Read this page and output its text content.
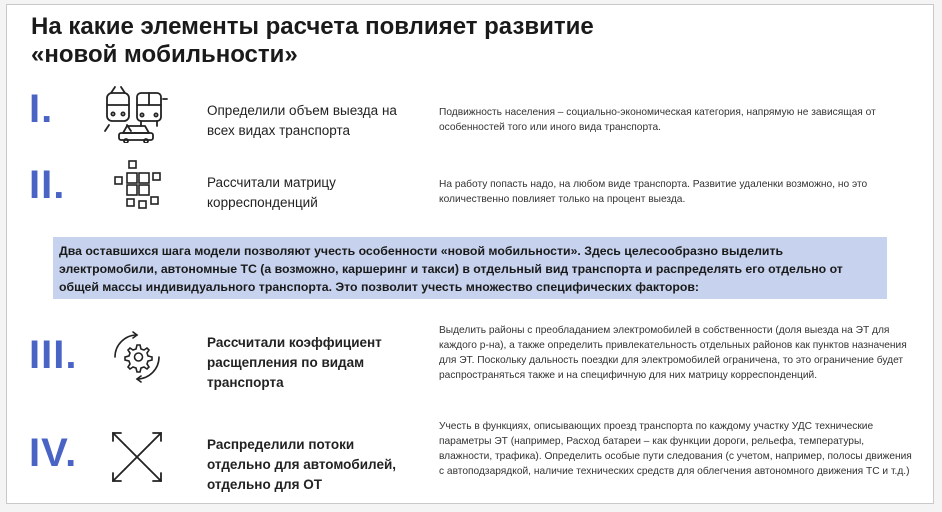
На какие элементы расчета повлияет развитие
«новой мобильности»
I.	Определили объем выезда на всех видах транспорта
Подвижность населения – социально-экономическая категория, напрямую не зависящая от особенностей того или иного вида транспорта.
II.	Рассчитали матрицу корреспонденций
На работу попасть надо, на любом виде транспорта. Развитие удаленки возможно, но это количественно повлияет только на процент выезда.
Два оставшихся шага модели позволяют учесть особенности «новой мобильности». Здесь целесообразно выделить электромобили, автономные ТС (а возможно, каршеринг и такси) в отдельный вид транспорта и распределять его отдельно от общей массы индивидуального транспорта. Это позволит учесть множество специфических факторов:
III.	Рассчитали коэффициент расщепления по видам транспорта
Выделить районы с преобладанием электромобилей в собственности (доля выезда на ЭТ для каждого р-на), а также определить привлекательность отдельных районов как пунктов назначения для ЭТ. Поскольку дальность поездки для электромобилей ограничена, то это ограничение будет распространяться также и на специфичную для них матрицу корреспонденций.
IV.	Распределили потоки отдельно для автомобилей, отдельно для ОТ
Учесть в функциях, описывающих проезд транспорта по каждому участку УДС технические параметры ЭТ (например, Расход батареи – как функции дороги, рельефа, температуры, влажности, трафика). Определить особые пути следования (с учетом, например, полосы движения с автоподзарядкой, наличие технических средств для облегчения автономного движения ТС и т.д.)
